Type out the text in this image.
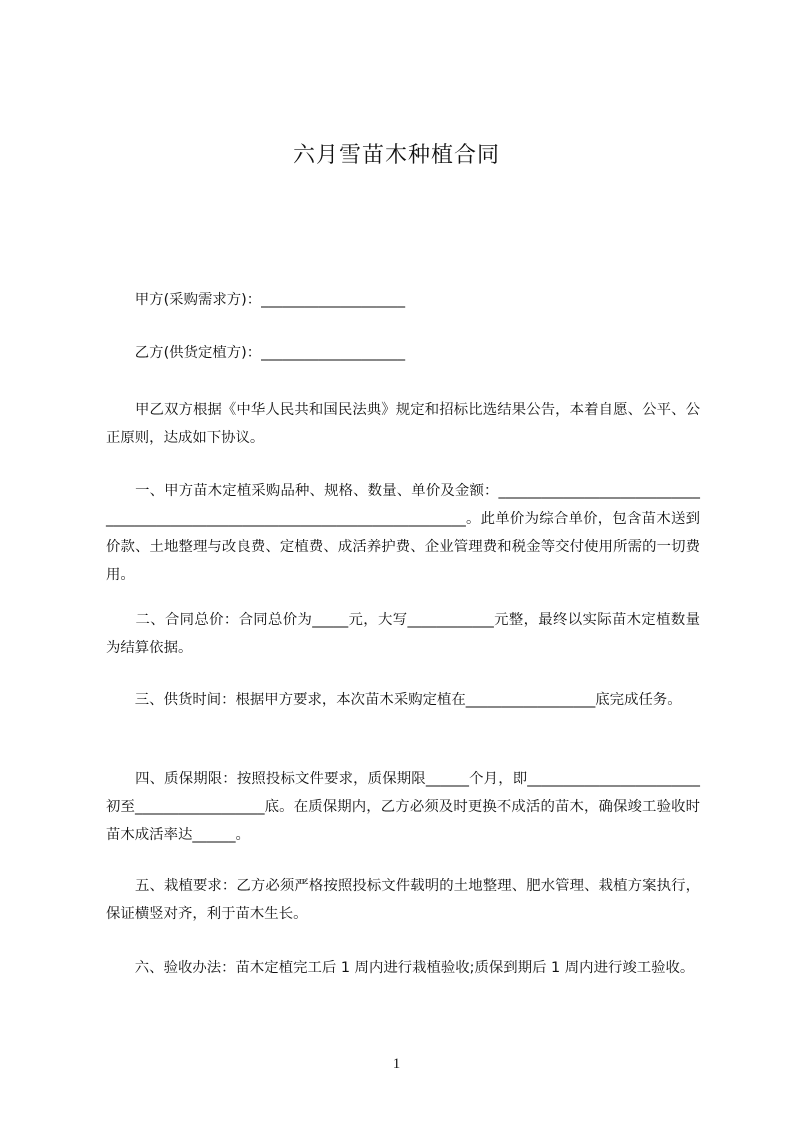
六月雪苗木种植合同

　　甲方(采购需求方)：____________________

　　乙方(供货定植方)：____________________

　　甲乙双方根据《中华人民共和国民法典》规定和招标比选结果公告，本着自愿、公平、公正原则，达成如下协议。

　　一、甲方苗木定植采购品种、规格、数量、单价及金额：______________________________________________________________________________。此单价为综合单价，包含苗木送到价款、土地整理与改良费、定植费、成活养护费、企业管理费和税金等交付使用所需的一切费用。

　　二、合同总价：合同总价为_____元，大写____________元整，最终以实际苗木定植数量为结算依据。

　　三、供货时间：根据甲方要求，本次苗木采购定植在__________________底完成任务。

　　四、质保期限：按照投标文件要求，质保期限______个月，即________________________初至__________________底。在质保期内，乙方必须及时更换不成活的苗木，确保竣工验收时苗木成活率达______。

　　五、栽植要求：乙方必须严格按照投标文件载明的土地整理、肥水管理、栽植方案执行，保证横竖对齐，利于苗木生长。

　　六、验收办法：苗木定植完工后 1 周内进行栽植验收;质保到期后 1 周内进行竣工验收。

1
